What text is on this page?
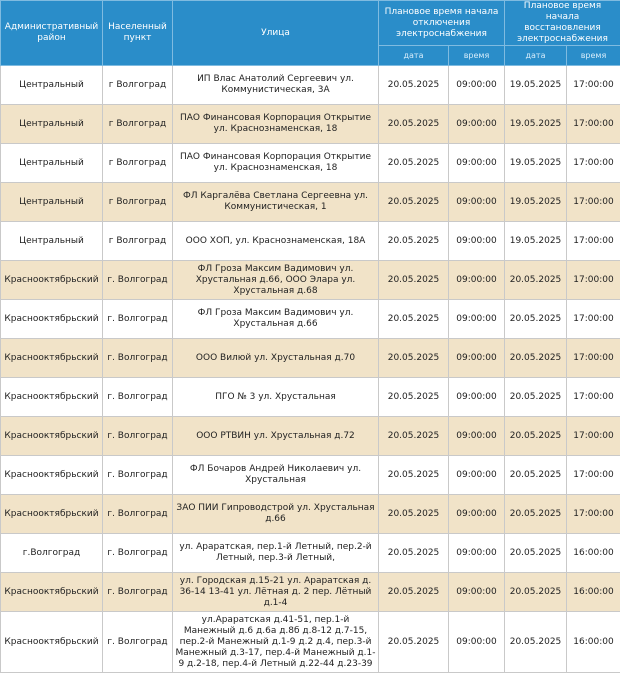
Административный район	Населенный пункт	Улица	Плановое время начала отключения электроснабжения		Плановое время начала восстановления электроснабжения	
			дата	время	дата	время
Центральный	г Волгоград	ИП Влас Анатолий Сергеевич ул. Коммунистическая, 3А	20.05.2025	09:00:00	19.05.2025	17:00:00
Центральный	г Волгоград	ПАО Финансовая Корпорация Открытие ул. Краснознаменская, 18	20.05.2025	09:00:00	19.05.2025	17:00:00
Центральный	г Волгоград	ПАО Финансовая Корпорация Открытие ул. Краснознаменская, 18	20.05.2025	09:00:00	19.05.2025	17:00:00
Центральный	г Волгоград	ФЛ Каргалёва Светлана Сергеевна ул. Коммунистическая, 1	20.05.2025	09:00:00	19.05.2025	17:00:00
Центральный	г Волгоград	ООО ХОП, ул. Краснознаменская, 18А	20.05.2025	09:00:00	19.05.2025	17:00:00
Краснооктябрьский	г. Волгоград	ФЛ Гроза Максим Вадимович ул. Хрустальная д.66, ООО Элара ул. Хрустальная д.68	20.05.2025	09:00:00	20.05.2025	17:00:00
Краснооктябрьский	г. Волгоград	ФЛ Гроза Максим Вадимович ул. Хрустальная д.66	20.05.2025	09:00:00	20.05.2025	17:00:00
Краснооктябрьский	г. Волгоград	ООО Вилюй ул. Хрустальная д.70	20.05.2025	09:00:00	20.05.2025	17:00:00
Краснооктябрьский	г. Волгоград	ПГО № 3 ул. Хрустальная	20.05.2025	09:00:00	20.05.2025	17:00:00
Краснооктябрьский	г. Волгоград	ООО РТВИН ул. Хрустальная д.72	20.05.2025	09:00:00	20.05.2025	17:00:00
Краснооктябрьский	г. Волгоград	ФЛ Бочаров Андрей Николаевич ул. Хрустальная	20.05.2025	09:00:00	20.05.2025	17:00:00
Краснооктябрьский	г. Волгоград	ЗАО ПИИ Гипроводстрой ул. Хрустальная д.66	20.05.2025	09:00:00	20.05.2025	17:00:00
г.Волгоград	г. Волгоград	ул. Араратская, пер.1-й Летный, пер.2-й Летный, пер.3-й Летный,	20.05.2025	09:00:00	20.05.2025	16:00:00
Краснооктябрьский	г. Волгоград	ул. Городская д.15-21 ул. Араратская д. 36-14 13-41 ул. Лётная д. 2 пер. Лётный д.1-4	20.05.2025	09:00:00	20.05.2025	16:00:00
Краснооктябрьский	г. Волгоград	ул.Араратская д.41-51, пер.1-й Манежный д.6 д.6а д.8б д.8-12 д.7-15, пер.2-й Манежный д.1-9 д.2 д.4, пер.3-й Манежный д.3-17, пер.4-й Манежный д.1-9 д.2-18, пер.4-й Летный д.22-44 д.23-39	20.05.2025	09:00:00	20.05.2025	16:00:00
